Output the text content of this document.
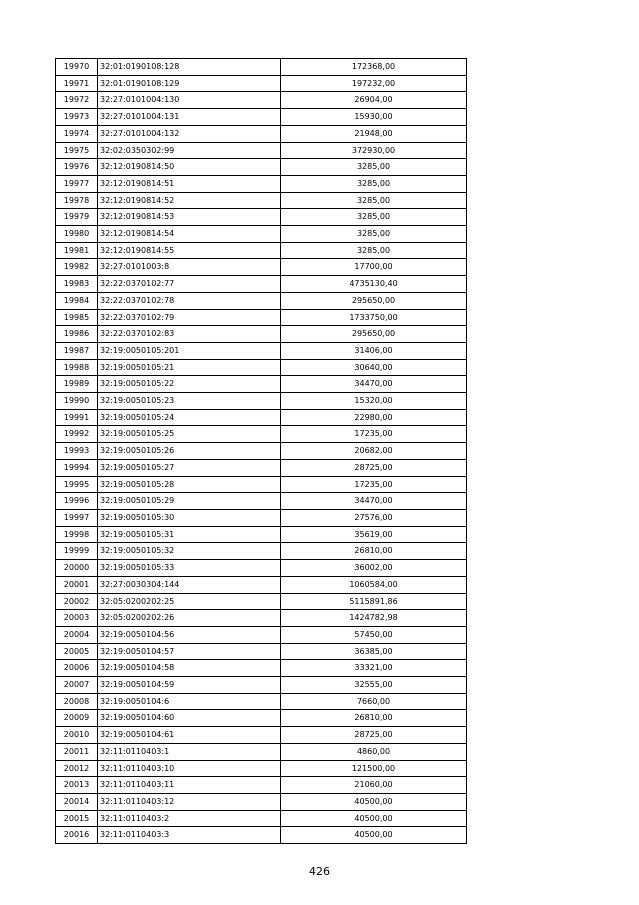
19970	32:01:0190108:128	172368,00
19971	32:01:0190108:129	197232,00
19972	32:27:0101004:130	26904,00
19973	32:27:0101004:131	15930,00
19974	32:27:0101004:132	21948,00
19975	32:02:0350302:99	372930,00
19976	32:12:0190814:50	3285,00
19977	32:12:0190814:51	3285,00
19978	32:12:0190814:52	3285,00
19979	32:12:0190814:53	3285,00
19980	32:12:0190814:54	3285,00
19981	32:12:0190814:55	3285,00
19982	32:27:0101003:8	17700,00
19983	32:22:0370102:77	4735130,40
19984	32:22:0370102:78	295650,00
19985	32:22:0370102:79	1733750,00
19986	32:22:0370102:83	295650,00
19987	32:19:0050105:201	31406,00
19988	32:19:0050105:21	30640,00
19989	32:19:0050105:22	34470,00
19990	32:19:0050105:23	15320,00
19991	32:19:0050105:24	22980,00
19992	32:19:0050105:25	17235,00
19993	32:19:0050105:26	20682,00
19994	32:19:0050105:27	28725,00
19995	32:19:0050105:28	17235,00
19996	32:19:0050105:29	34470,00
19997	32:19:0050105:30	27576,00
19998	32:19:0050105:31	35619,00
19999	32:19:0050105:32	26810,00
20000	32:19:0050105:33	36002,00
20001	32:27:0030304:144	1060584,00
20002	32:05:0200202:25	5115891,86
20003	32:05:0200202:26	1424782,98
20004	32:19:0050104:56	57450,00
20005	32:19:0050104:57	36385,00
20006	32:19:0050104:58	33321,00
20007	32:19:0050104:59	32555,00
20008	32:19:0050104:6	7660,00
20009	32:19:0050104:60	26810,00
20010	32:19:0050104:61	28725,00
20011	32:11:0110403:1	4860,00
20012	32:11:0110403:10	121500,00
20013	32:11:0110403:11	21060,00
20014	32:11:0110403:12	40500,00
20015	32:11:0110403:2	40500,00
20016	32:11:0110403:3	40500,00
426
